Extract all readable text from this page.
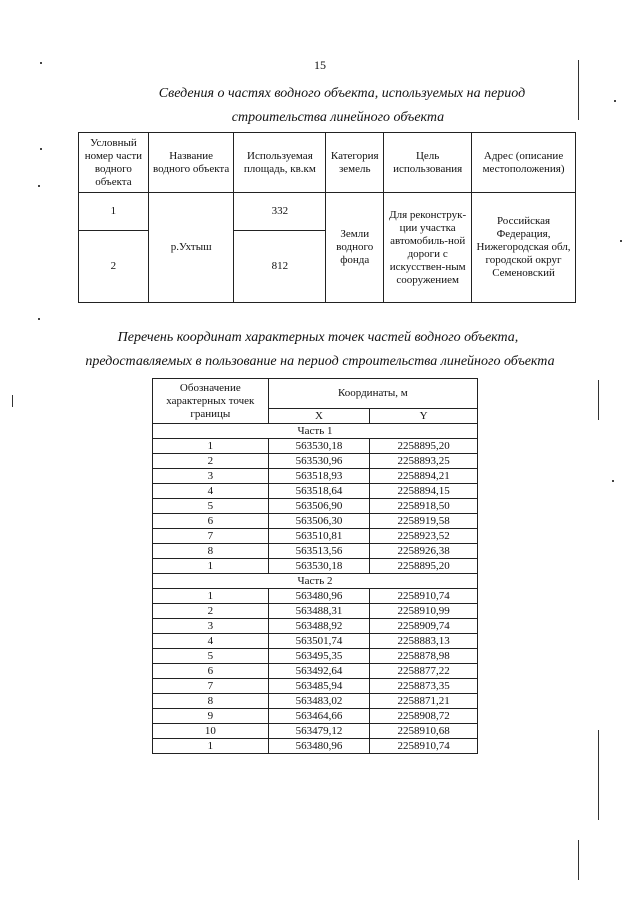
15
Сведения о частях водного объекта, используемых на период
строительства линейного объекта
Условный номер части водного объекта	Название водного объекта	Используемая площадь, кв.км	Категория земель	Цель использования	Адрес (описание местоположения)
1	р.Ухтыш	332	Земли водного фонда	Для реконструк-ции участка автомобиль-ной дороги с искусствен-ным сооружением	Российская Федерация, Нижегородская обл, городской округ Семеновский
2		812			
Перечень координат характерных точек частей водного объекта,
предоставляемых в пользование на период строительства линейного объекта
Обозначение характерных точек границы	Координаты, м	
	X	Y
Часть 1		
1	563530,18	2258895,20
2	563530,96	2258893,25
3	563518,93	2258894,21
4	563518,64	2258894,15
5	563506,90	2258918,50
6	563506,30	2258919,58
7	563510,81	2258923,52
8	563513,56	2258926,38
1	563530,18	2258895,20
Часть 2		
1	563480,96	2258910,74
2	563488,31	2258910,99
3	563488,92	2258909,74
4	563501,74	2258883,13
5	563495,35	2258878,98
6	563492,64	2258877,22
7	563485,94	2258873,35
8	563483,02	2258871,21
9	563464,66	2258908,72
10	563479,12	2258910,68
1	563480,96	2258910,74
